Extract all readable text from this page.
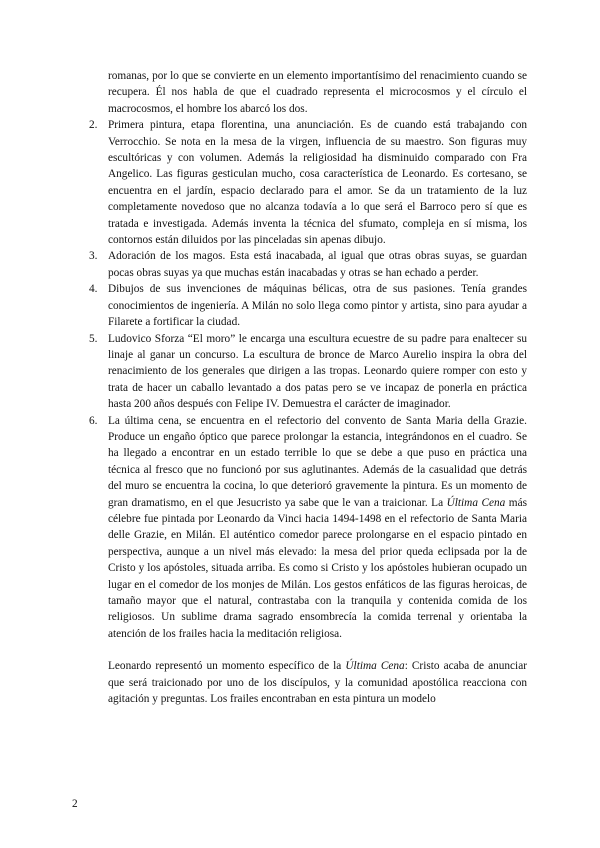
romanas, por lo que se convierte en un elemento importantísimo del renacimiento cuando se recupera. Él nos habla de que el cuadrado representa el microcosmos y el círculo el macrocosmos, el hombre los abarcó los dos.

2. Primera pintura, etapa florentina, una anunciación. Es de cuando está trabajando con Verrocchio. Se nota en la mesa de la virgen, influencia de su maestro. Son figuras muy escultóricas y con volumen. Además la religiosidad ha disminuido comparado con Fra Angelico. Las figuras gesticulan mucho, cosa característica de Leonardo. Es cortesano, se encuentra en el jardín, espacio declarado para el amor. Se da un tratamiento de la luz completamente novedoso que no alcanza todavía a lo que será el Barroco pero sí que es tratada e investigada. Además inventa la técnica del sfumato, compleja en sí misma, los contornos están diluidos por las pinceladas sin apenas dibujo.
3. Adoración de los magos. Esta está inacabada, al igual que otras obras suyas, se guardan pocas obras suyas ya que muchas están inacabadas y otras se han echado a perder.
4. Dibujos de sus invenciones de máquinas bélicas, otra de sus pasiones. Tenía grandes conocimientos de ingeniería. A Milán no solo llega como pintor y artista, sino para ayudar a Filarete a fortificar la ciudad.
5. Ludovico Sforza “El moro” le encarga una escultura ecuestre de su padre para enaltecer su linaje al ganar un concurso. La escultura de bronce de Marco Aurelio inspira la obra del renacimiento de los generales que dirigen a las tropas. Leonardo quiere romper con esto y trata de hacer un caballo levantado a dos patas pero se ve incapaz de ponerla en práctica hasta 200 años después con Felipe IV. Demuestra el carácter de imaginador.
6. La última cena, se encuentra en el refectorio del convento de Santa Maria della Grazie. Produce un engaño óptico que parece prolongar la estancia, integrándonos en el cuadro. Se ha llegado a encontrar en un estado terrible lo que se debe a que puso en práctica una técnica al fresco que no funcionó por sus aglutinantes. Además de la casualidad que detrás del muro se encuentra la cocina, lo que deterioró gravemente la pintura. Es un momento de gran dramatismo, en el que Jesucristo ya sabe que le van a traicionar. La Última Cena más célebre fue pintada por Leonardo da Vinci hacia 1494-1498 en el refectorio de Santa Maria delle Grazie, en Milán. El auténtico comedor parece prolongarse en el espacio pintado en perspectiva, aunque a un nivel más elevado: la mesa del prior queda eclipsada por la de Cristo y los apóstoles, situada arriba. Es como si Cristo y los apóstoles hubieran ocupado un lugar en el comedor de los monjes de Milán. Los gestos enfáticos de las figuras heroicas, de tamaño mayor que el natural, contrastaba con la tranquila y contenida comida de los religiosos. Un sublime drama sagrado ensombrecía la comida terrenal y orientaba la atención de los frailes hacia la meditación religiosa.

Leonardo representó un momento específico de la Última Cena: Cristo acaba de anunciar que será traicionado por uno de los discípulos, y la comunidad apostólica reacciona con agitación y preguntas. Los frailes encontraban en esta pintura un modelo

2
